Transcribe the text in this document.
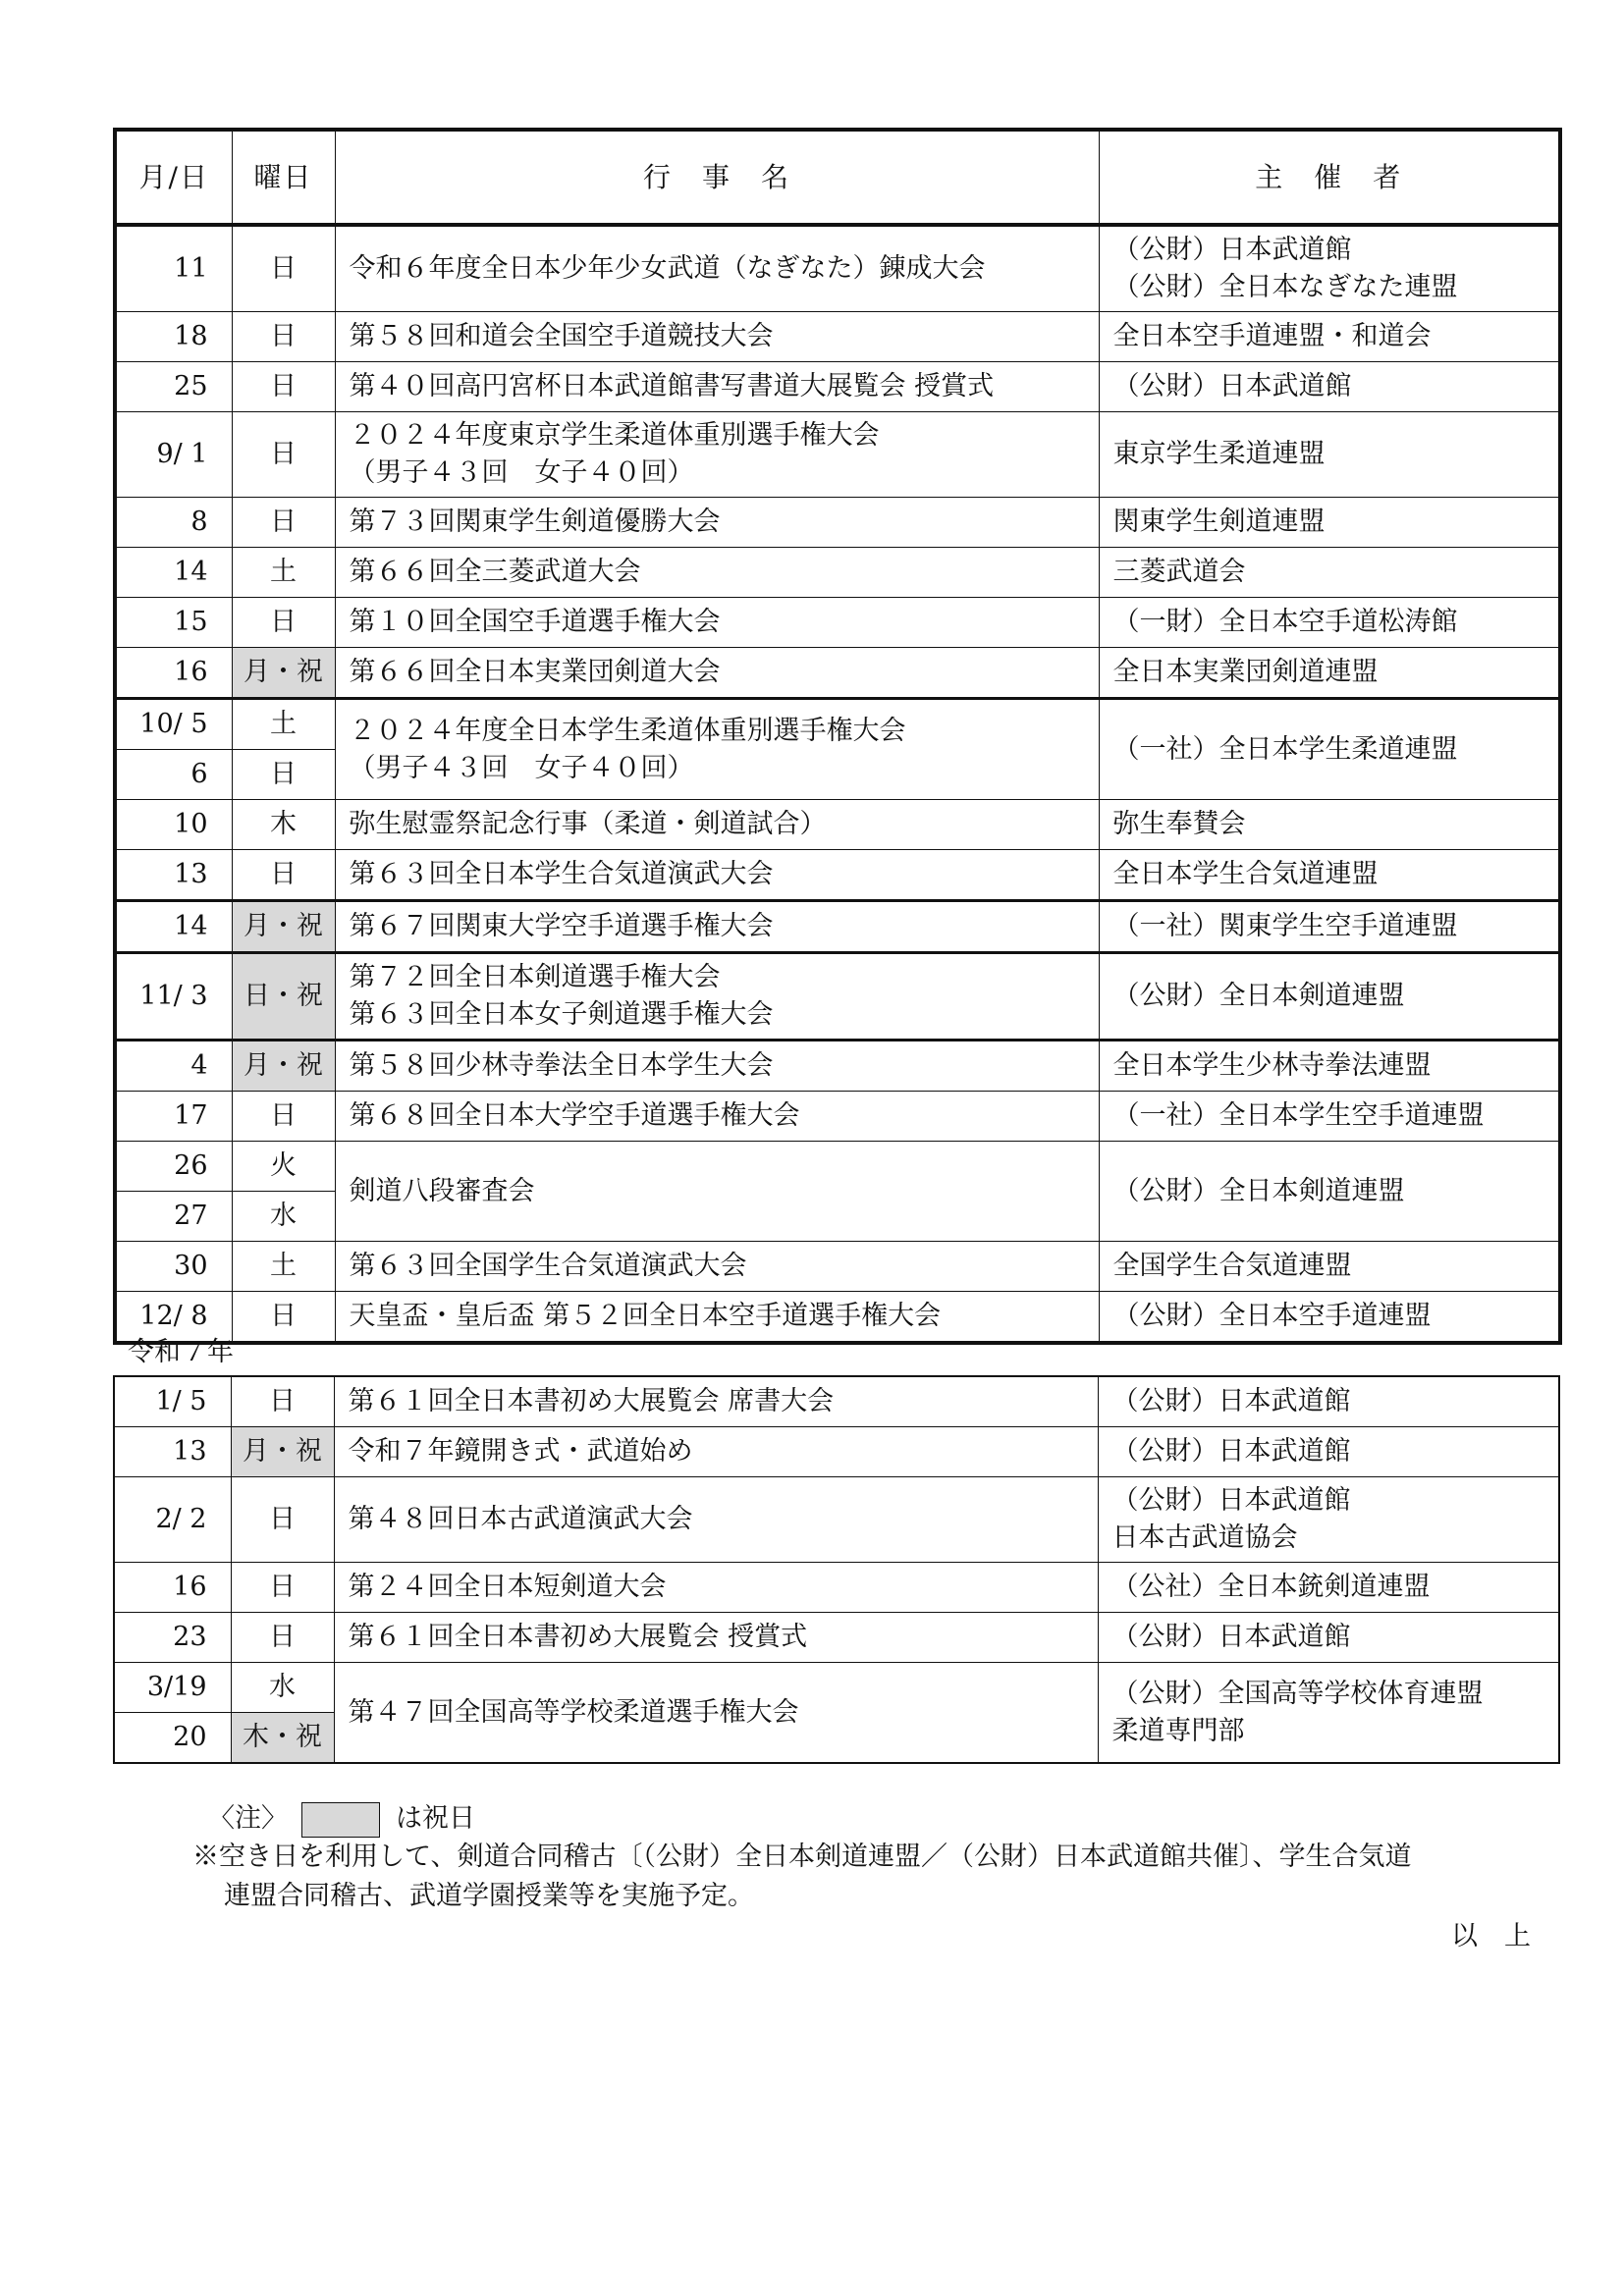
月/日	曜日	行　事　名	主　催　者
11	日	令和６年度全日本少年少女武道（なぎなた）錬成大会	（公財）日本武道館
（公財）全日本なぎなた連盟

18	日	第５８回和道会全国空手道競技大会	全日本空手道連盟・和道会

25	日	第４０回高円宮杯日本武道館書写書道大展覧会 授賞式	（公財）日本武道館

9/ 1	日	２０２４年度東京学生柔道体重別選手権大会
（男子４３回　女子４０回）	東京学生柔道連盟

8	日	第７３回関東学生剣道優勝大会	関東学生剣道連盟

14	土	第６６回全三菱武道大会	三菱武道会

15	日	第１０回全国空手道選手権大会	（一財）全日本空手道松涛館

16	月・祝	第６６回全日本実業団剣道大会	全日本実業団剣道連盟

10/ 5	土	２０２４年度全日本学生柔道体重別選手権大会
（男子４３回　女子４０回）	（一社）全日本学生柔道連盟

6	日		
10	木	弥生慰霊祭記念行事（柔道・剣道試合）	弥生奉賛会

13	日	第６３回全日本学生合気道演武大会	全日本学生合気道連盟

14	月・祝	第６７回関東大学空手道選手権大会	（一社）関東学生空手道連盟

11/ 3	日・祝	第７２回全日本剣道選手権大会
第６３回全日本女子剣道選手権大会	（公財）全日本剣道連盟

4	月・祝	第５８回少林寺拳法全日本学生大会	全日本学生少林寺拳法連盟

17	日	第６８回全日本大学空手道選手権大会	（一社）全日本学生空手道連盟

26	火	剣道八段審査会	（公財）全日本剣道連盟

27	水		
30	土	第６３回全国学生合気道演武大会	全国学生合気道連盟

12/ 8	日	天皇盃・皇后盃 第５２回全日本空手道選手権大会	（公財）全日本空手道連盟
令和７年
1/ 5	日	第６１回全日本書初め大展覧会 席書大会	（公財）日本武道館

13	月・祝	令和７年鏡開き式・武道始め	（公財）日本武道館

2/ 2	日	第４８回日本古武道演武大会	（公財）日本武道館
日本古武道協会

16	日	第２４回全日本短剣道大会	（公社）全日本銃剣道連盟

23	日	第６１回全日本書初め大展覧会 授賞式	（公財）日本武道館

3/19	水	第４７回全国高等学校柔道選手権大会	（公財）全国高等学校体育連盟
柔道専門部

20	木・祝		
〈注〉	は祝日
※空き日を利用して、剣道合同稽古〔（公財）全日本剣道連盟／（公財）日本武道館共催〕、学生合気道
連盟合同稽古、武道学園授業等を実施予定。
以　上
